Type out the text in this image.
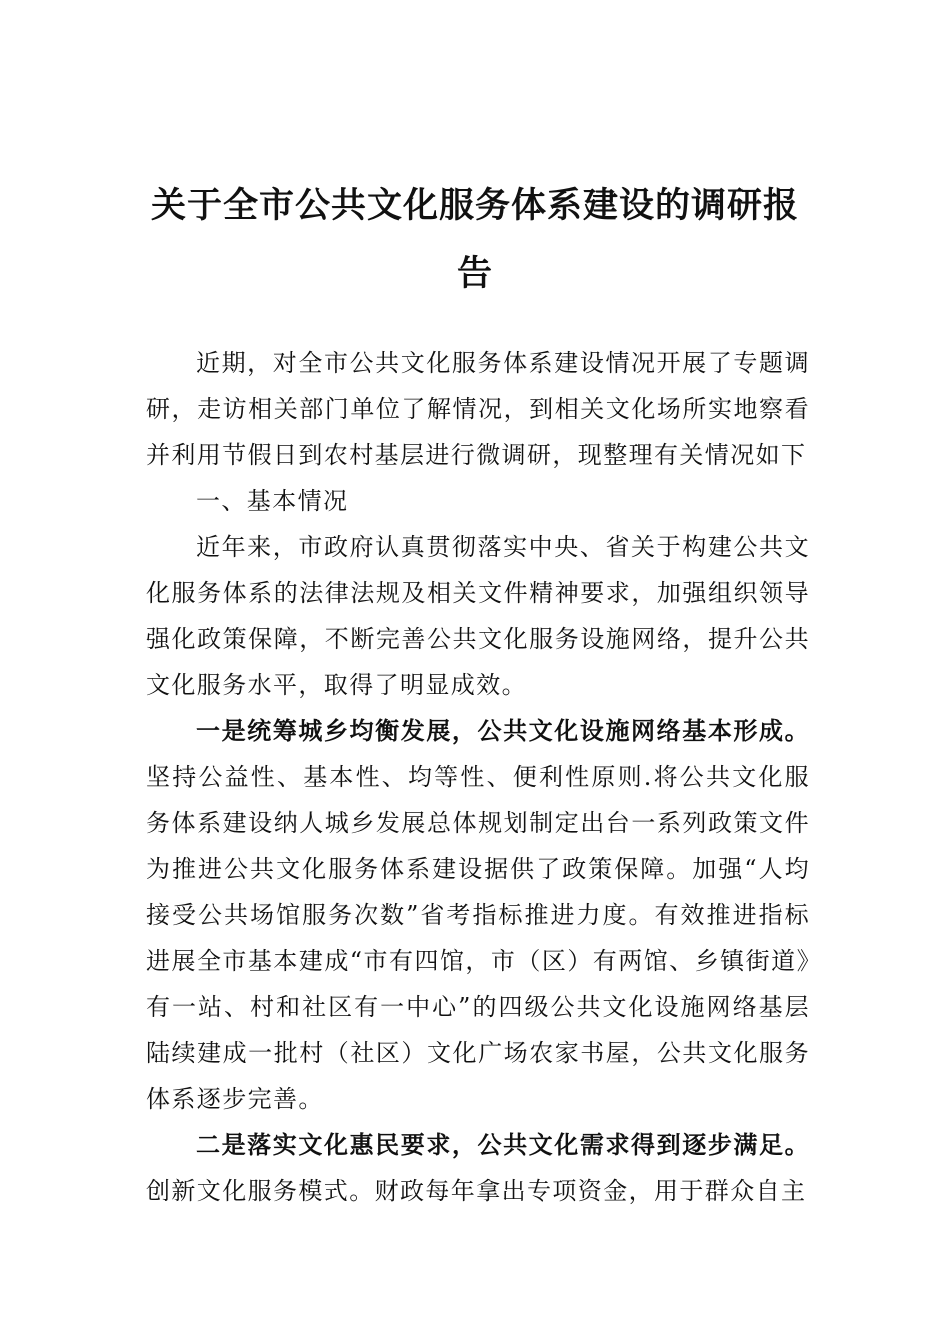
关于全市公共文化服务体系建设的调研报告

近期，对全市公共文化服务体系建设情况开展了专题调研，走访相关部门单位了解情况，到相关文化场所实地察看并利用节假日到农村基层进行微调研，现整理有关情况如下

一、基本情况

近年来，市政府认真贯彻落实中央、省关于构建公共文化服务体系的法律法规及相关文件精神要求，加强组织领导强化政策保障，不断完善公共文化服务设施网络，提升公共文化服务水平，取得了明显成效。

一是统筹城乡均衡发展，公共文化设施网络基本形成。坚持公益性、基本性、均等性、便利性原则.将公共文化服务体系建设纳人城乡发展总体规划制定出台一系列政策文件为推进公共文化服务体系建设据供了政策保障。加强“人均接受公共场馆服务次数”省考指标推进力度。有效推进指标进展全市基本建成“市有四馆，市（区）有两馆、乡镇街道》有一站、村和社区有一中心”的四级公共文化设施网络基层陆续建成一批村（社区）文化广场农家书屋，公共文化服务体系逐步完善。

二是落实文化惠民要求，公共文化需求得到逐步满足。创新文化服务模式。财政每年拿出专项资金，用于群众自主
